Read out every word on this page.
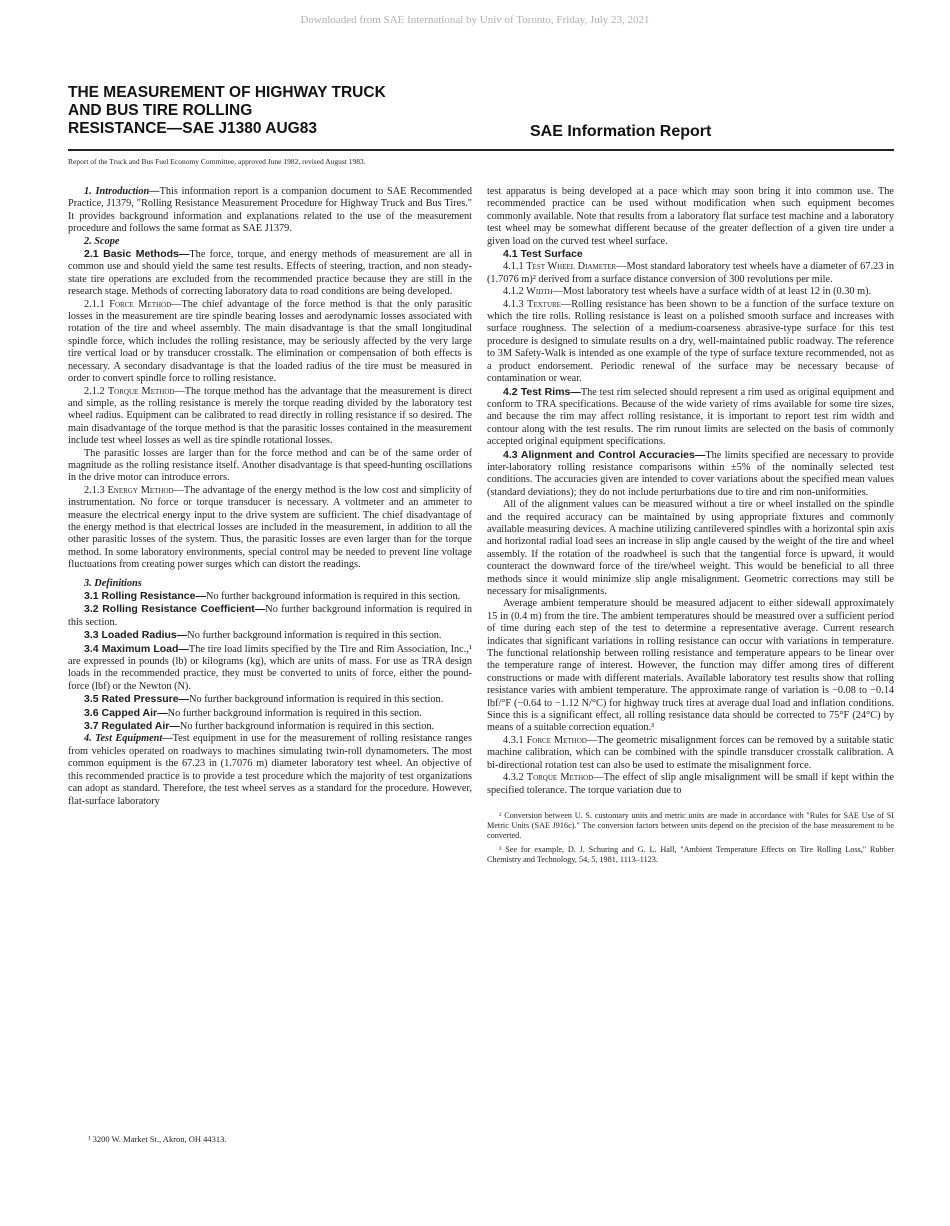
Downloaded from SAE International by Univ of Toronto, Friday, July 23, 2021
THE MEASUREMENT OF HIGHWAY TRUCK
AND BUS TIRE ROLLING
RESISTANCE—SAE J1380 AUG83	SAE Information Report
Report of the Truck and Bus Fuel Economy Committee, approved June 1982, revised August 1983.

1. Introduction—This information report is a companion document to SAE Recommended Practice, J1379, "Rolling Resistance Measurement Procedure for Highway Truck and Bus Tires." It provides background information and explanations related to the use of the measurement procedure and follows the same format as SAE J1379.

2. Scope

2.1 Basic Methods—The force, torque, and energy methods of measurement are all in common use and should yield the same test results. Effects of steering, traction, and non steady-state tire operations are excluded from the recommended practice because they are still in the research stage. Methods of correcting laboratory data to road conditions are being developed.

2.1.1 Force Method—The chief advantage of the force method is that the only parasitic losses in the measurement are tire spindle bearing losses and aerodynamic losses associated with rotation of the tire and wheel assembly. The main disadvantage is that the small longitudinal spindle force, which includes the rolling resistance, may be seriously affected by the very large tire vertical load or by transducer crosstalk. The elimination or compensation of both effects is necessary. A secondary disadvantage is that the loaded radius of the tire must be measured in order to convert spindle force to rolling resistance.

2.1.2 Torque Method—The torque method has the advantage that the measurement is direct and simple, as the rolling resistance is merely the torque reading divided by the laboratory test wheel radius. Equipment can be calibrated to read directly in rolling resistance if so desired. The main disadvantage of the torque method is that the parasitic losses contained in the measurement include test wheel losses as well as tire spindle rotational losses.

The parasitic losses are larger than for the force method and can be of the same order of magnitude as the rolling resistance itself. Another disadvantage is that speed-hunting oscillations in the drive motor can introduce errors.

2.1.3 Energy Method—The advantage of the energy method is the low cost and simplicity of instrumentation. No force or torque transducer is necessary. A voltmeter and an ammeter to measure the electrical energy input to the drive system are sufficient. The chief disadvantage of the energy method is that electrical losses are included in the measurement, in addition to all the other parasitic losses of the system. Thus, the parasitic losses are even larger than for the torque method. In some laboratory environments, special control may be needed to prevent line voltage fluctuations from creating power surges which can distort the readings.

3. Definitions

3.1 Rolling Resistance—No further background information is required in this section.

3.2 Rolling Resistance Coefficient—No further background information is required in this section.

3.3 Loaded Radius—No further background information is required in this section.

3.4 Maximum Load—The tire load limits specified by the Tire and Rim Association, Inc.,¹ are expressed in pounds (lb) or kilograms (kg), which are units of mass. For use as TRA design loads in the recommended practice, they must be converted to units of force, either the pound-force (lbf) or the Newton (N).

3.5 Rated Pressure—No further background information is required in this section.

3.6 Capped Air—No further background information is required in this section.

3.7 Regulated Air—No further background information is required in this section.

4. Test Equipment—Test equipment in use for the measurement of rolling resistance ranges from vehicles operated on roadways to machines simulating twin-roll dynamometers. The most common equipment is the 67.23 in (1.7076 m) diameter laboratory test wheel. An objective of this recommended practice is to provide a test procedure which the majority of test organizations can adopt as standard. Therefore, the test wheel serves as a standard for the procedure. However, flat-surface laboratory

test apparatus is being developed at a pace which may soon bring it into common use. The recommended practice can be used without modification when such equipment becomes commonly available. Note that results from a laboratory flat surface test machine and a laboratory test wheel may be somewhat different because of the greater deflection of a given tire under a given load on the curved test wheel surface.

4.1 Test Surface

4.1.1 Test Wheel Diameter—Most standard laboratory test wheels have a diameter of 67.23 in (1.7076 m)² derived from a surface distance conversion of 300 revolutions per mile.

4.1.2 Width—Most laboratory test wheels have a surface width of at least 12 in (0.30 m).

4.1.3 Texture—Rolling resistance has been shown to be a function of the surface texture on which the tire rolls. Rolling resistance is least on a polished smooth surface and increases with surface roughness. The selection of a medium-coarseness abrasive-type surface for this test procedure is designed to simulate results on a dry, well-maintained public roadway. The reference to 3M Safety-Walk is intended as one example of the type of surface texture recommended, not as a product endorsement. Periodic renewal of the surface may be necessary because of contamination or wear.

4.2 Test Rims—The test rim selected should represent a rim used as original equipment and conform to TRA specifications. Because of the wide variety of rims available for some tire sizes, and because the rim may affect rolling resistance, it is important to report test rim width and contour along with the test results. The rim runout limits are selected on the basis of commonly accepted original equipment specifications.

4.3 Alignment and Control Accuracies—The limits specified are necessary to provide inter-laboratory rolling resistance comparisons within ±5% of the nominally selected test conditions. The accuracies given are intended to cover variations about the specified mean values (standard deviations); they do not include perturbations due to tire and rim non-uniformities.

All of the alignment values can be measured without a tire or wheel installed on the spindle and the required accuracy can be maintained by using appropriate fixtures and commonly available measuring devices. A machine utilizing cantilevered spindles with a horizontal spin axis and horizontal radial load sees an increase in slip angle caused by the weight of the tire and wheel assembly. If the rotation of the roadwheel is such that the tangential force is upward, it would counteract the downward force of the tire/wheel weight. This would be beneficial to all three methods since it would minimize slip angle misalignment. Geometric corrections may still be necessary for misalignments.

Average ambient temperature should be measured adjacent to either sidewall approximately 15 in (0.4 m) from the tire. The ambient temperatures should be measured over a sufficient period of time during each step of the test to determine a representative average. Current research indicates that significant variations in rolling resistance can occur with variations in temperature. The functional relationship between rolling resistance and temperature appears to be linear over the temperature range of interest. However, the function may differ among tires of different constructions or made with different materials. Available laboratory test results show that rolling resistance varies with ambient temperature. The approximate range of variation is −0.08 to −0.14 lbf/°F (−0.64 to −1.12 N/°C) for highway truck tires at average dual load and inflation conditions. Since this is a significant effect, all rolling resistance data should be corrected to 75°F (24°C) by means of a suitable correction equation.³

4.3.1 Force Method—The geometric misalignment forces can be removed by a suitable static machine calibration, which can be combined with the spindle transducer crosstalk calibration. A bi-directional rotation test can also be used to estimate the misalignment force.

4.3.2 Torque Method—The effect of slip angle misalignment will be small if kept within the specified tolerance. The torque variation due to

² Conversion between U. S. customary units and metric units are made in accordance with "Rules for SAE Use of SI Metric Units (SAE J916c)." The conversion factors between units depend on the precision of the base measurement to be converted.

³ See for example, D. J. Schuring and G. L. Hall, "Ambient Temperature Effects on Tire Rolling Loss," Rubber Chemistry and Technology, 54, 5, 1981, 1113–1123.

¹ 3200 W. Market St., Akron, OH 44313.
